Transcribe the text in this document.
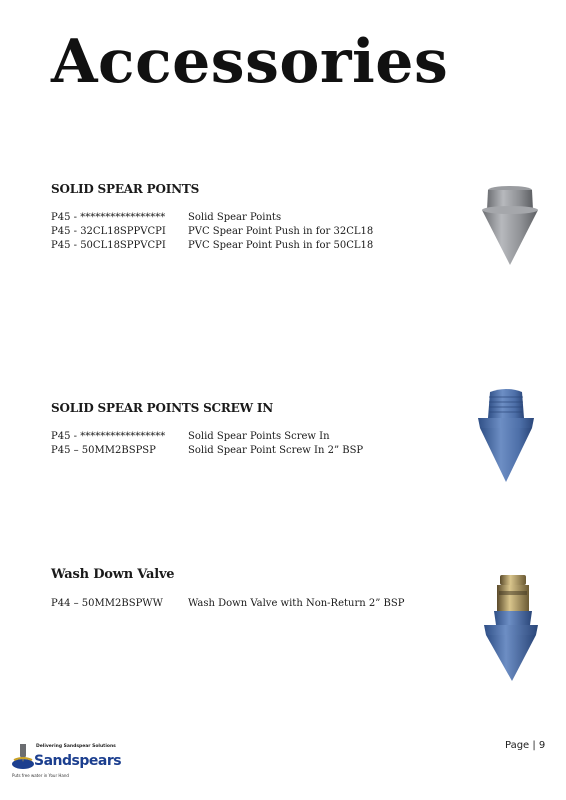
Accessories
SOLID SPEAR POINTS
P45 - *****************	Solid Spear Points
P45 - 32CL18SPPVCPI	PVC Spear Point Push in for 32CL18
P45 - 50CL18SPPVCPI	PVC Spear Point Push in for 50CL18
SOLID SPEAR POINTS SCREW IN
P45 - *****************	Solid Spear Points Screw In
P45 – 50MM2BSPSP	Solid Spear Point Screw In 2” BSP
Wash Down Valve
P44 – 50MM2BSPWW	Wash Down Valve with Non-Return 2” BSP
Page | 9
Delivering Sandspear Solutions
Sandspears
Puts free water in Your Hand
